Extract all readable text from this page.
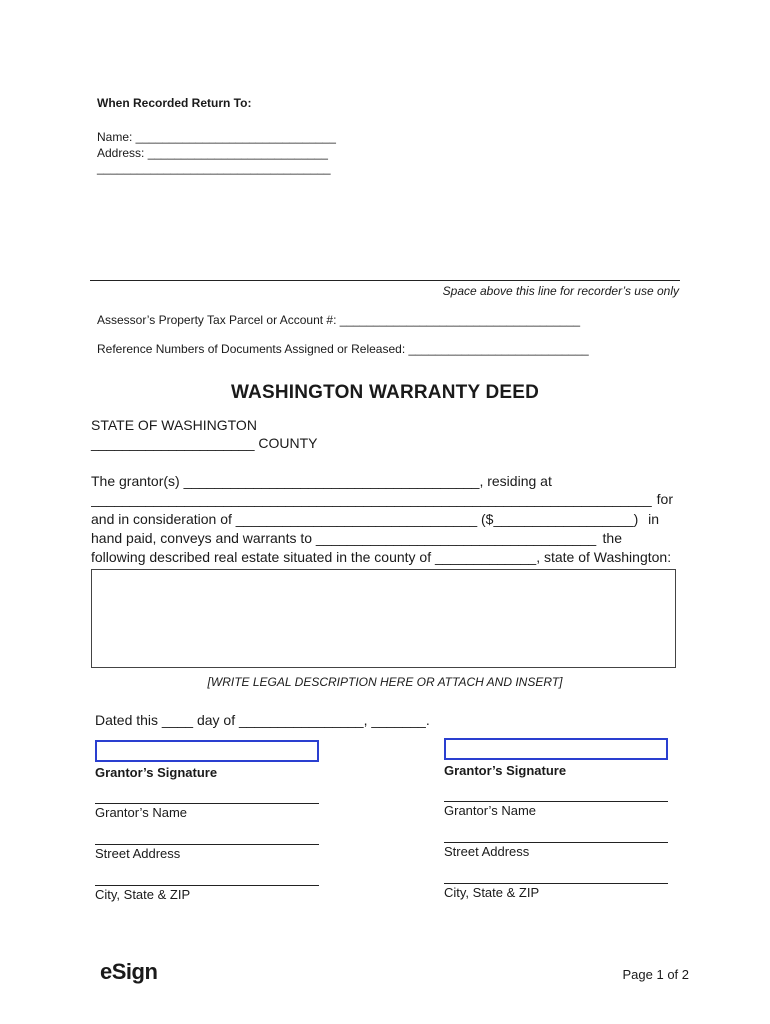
When Recorded Return To:
Name: ______________________________
Address: ___________________________
___________________________________
Space above this line for recorder’s use only
Assessor’s Property Tax Parcel or Account #: ____________________________________
Reference Numbers of Documents Assigned or Released: ___________________________
WASHINGTON WARRANTY DEED
STATE OF WASHINGTON
_____________________ COUNTY
The grantor(s) ______________________________________, residing at
________________________________________________________________________ for
and in consideration of _______________________________ ($__________________) in
hand paid, conveys and warrants to ____________________________________ the
following described real estate situated in the county of _____________, state of Washington:
[WRITE LEGAL DESCRIPTION HERE OR ATTACH AND INSERT]
Dated this ____ day of ________________, _______.
Grantor’s Signature
Grantor’s Name
Street Address
City, State & ZIP
Grantor’s Signature
Grantor’s Name
Street Address
City, State & ZIP
eSign	Page 1 of 2
